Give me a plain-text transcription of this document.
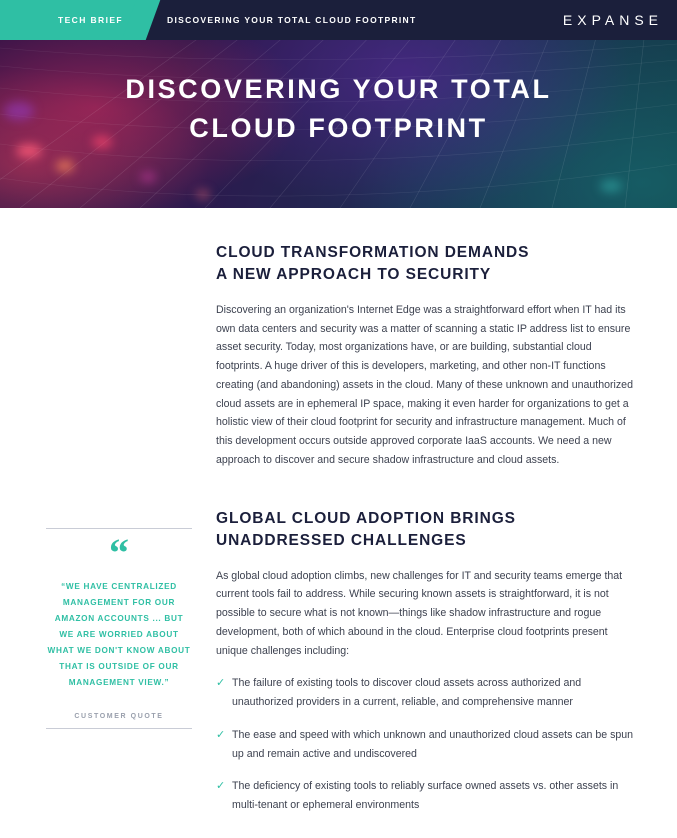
TECH BRIEF	DISCOVERING YOUR TOTAL CLOUD FOOTPRINT	EXPANSE
DISCOVERING YOUR TOTAL
CLOUD FOOTPRINT
“
“WE HAVE CENTRALIZED MANAGEMENT FOR OUR AMAZON ACCOUNTS ... BUT WE ARE WORRIED ABOUT WHAT WE DON'T KNOW ABOUT THAT IS OUTSIDE OF OUR MANAGEMENT VIEW.”
CUSTOMER QUOTE
CLOUD TRANSFORMATION DEMANDS
A NEW APPROACH TO SECURITY

Discovering an organization's Internet Edge was a straightforward effort when IT had its own data centers and security was a matter of scanning a static IP address list to ensure asset security. Today, most organizations have, or are building, substantial cloud footprints. A huge driver of this is developers, marketing, and other non-IT functions creating (and abandoning) assets in the cloud. Many of these unknown and unauthorized cloud assets are in ephemeral IP space, making it even harder for organizations to get a holistic view of their cloud footprint for security and infrastructure management. Much of this development occurs outside approved corporate IaaS accounts. We need a new approach to discover and secure shadow infrastructure and cloud assets.

GLOBAL CLOUD ADOPTION BRINGS
UNADDRESSED CHALLENGES

As global cloud adoption climbs, new challenges for IT and security teams emerge that current tools fail to address. While securing known assets is straightforward, it is not possible to secure what is not known—things like shadow infrastructure and rogue development, both of which abound in the cloud. Enterprise cloud footprints present unique challenges including:

✓ The failure of existing tools to discover cloud assets across authorized and unauthorized providers in a current, reliable, and comprehensive manner
✓ The ease and speed with which unknown and unauthorized cloud assets can be spun up and remain active and undiscovered
✓ The deficiency of existing tools to reliably surface owned assets vs. other assets in multi-tenant or ephemeral environments
